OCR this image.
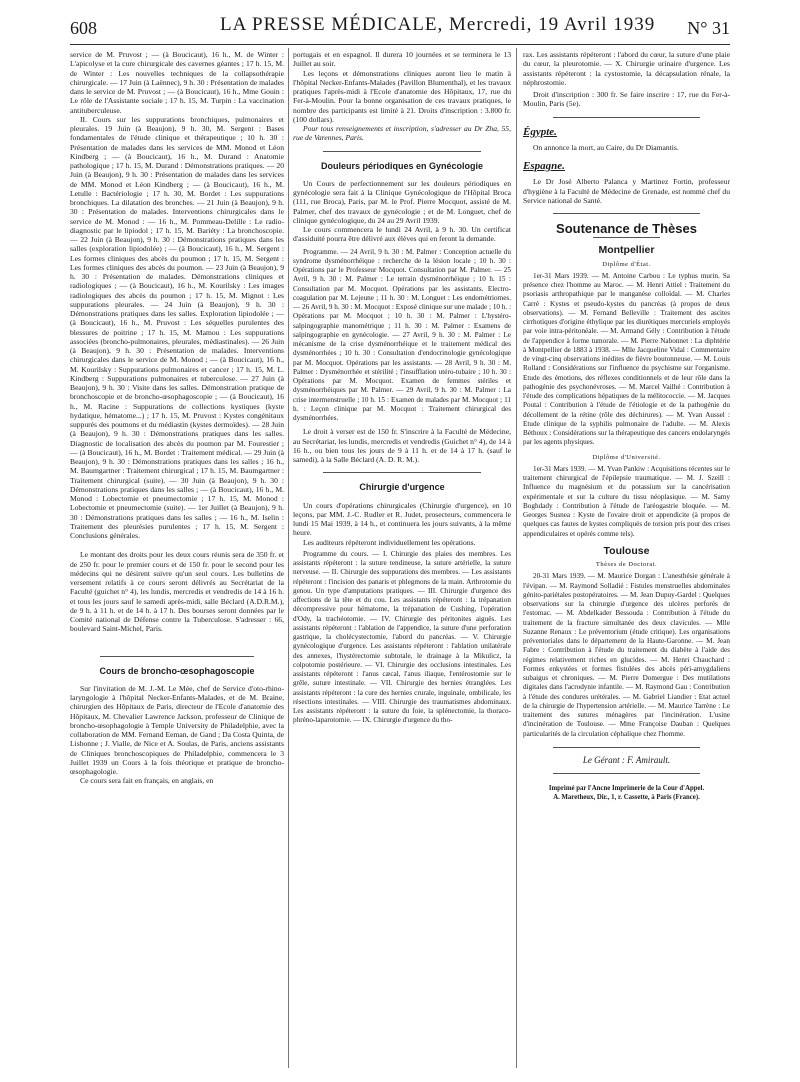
608	LA PRESSE MÉDICALE, Mercredi, 19 Avril 1939 N° 31

service de M. Pruvost ; — (à Boucicaut), 16 h., M. de Winter : L'apicolyse et la cure chirurgicale des cavernes géantes ; 17 h. 15, M. de Winter : Les nouvelles techniques de la collapsothérapie chirurgicale. — 17 Juin (à Laënnec), 9 h. 30 : Présentation de malades dans le service de M. Pruvost ; — (à Boucicaut), 16 h., Mme Gouin : Le rôle de l'Assistante sociale ; 17 h. 15, M. Turpin : La vaccination antituberculeuse.

II. Cours sur les suppurations bronchiques, pulmonaires et pleurales. 19 Juin (à Beaujon), 9 h. 30, M. Sergent : Bases fondamentales de l'étude clinique et thérapeutique ; 10 h. 30 : Présentation de malades dans les services de MM. Monod et Léon Kindberg ; — (à Boucicaut), 16 h., M. Durand : Anatomie pathologique ; 17 h. 15, M. Durand : Démonstrations pratiques. — 20 Juin (à Beaujon), 9 h. 30 : Présentation de malades dans les services de MM. Monod et Léon Kindberg ; — (à Boucicaut), 16 h., M. Letulle : Bactériologie ; 17 h. 30, M. Bordet : Les suppurations bronchiques. La dilatation des bronches. — 21 Juin (à Beaujon), 9 h. 30 : Présentation de malades. Interventions chirurgicales dans le service de M. Monod : — 16 h., M. Pommeau-Delille : Le radio-diagnostic par le lipiodol ; 17 h. 15, M. Bariéty : La bronchoscopie. — 22 Juin (à Beaujon), 9 h. 30 : Démonstrations pratiques dans les salles (exploration lipiodolée) ; — (à Boucicaut), 16 h., M. Sergent : Les formes cliniques des abcès du poumon ; 17 h. 15, M. Sergent : Les formes cliniques des abcès du poumon. — 23 Juin (à Beaujon), 9 h. 30 : Présentation de malades. Démonstrations cliniques et radiologiques ; — (à Boucicaut), 16 h., M. Kourilsky : Les images radiologiques des abcès du poumon ; 17 h. 15, M. Mignot : Les suppurations pleurales. — 24 Juin (à Beaujon), 9 h. 30 : Démonstrations pratiques dans les salles. Exploration lipiodolée ; — (à Boucicaut), 16 h., M. Pruvost : Les séquelles purulentes des blessures de poitrine ; 17 h. 15, M. Mamou : Les suppurations associées (broncho-pulmonaires, pleurales, médiastinales). — 26 Juin (à Beaujon), 9 h. 30 : Présentation de malades. Interventions chirurgicales dans le service de M. Monod ; — (à Boucicaut), 16 h., M. Kourilsky : Suppurations pulmonaires et cancer ; 17 h. 15, M. L. Kindberg : Suppurations pulmonaires et tuberculose. — 27 Juin (à Beaujon), 9 h. 30 : Visite dans les salles. Démonstration pratique de bronchoscopie et de broncho-œsophagoscopie ; — (à Boucicaut), 16 h., M. Racine : Suppurations de collections kystiques (kyste hydatique, hématome...) ; 17 h. 15, M. Pruvost : Kystes congénitaux suppurés des poumons et du médiastin (kystes dermoïdes). — 28 Juin (à Beaujon), 9 h. 30 : Démonstrations pratiques dans les salles. Diagnostic de localisation des abcès du poumon par M. Fourestier ; — (à Boucicaut), 16 h., M. Bordet : Traitement médical. — 29 Juin (à Beaujon), 9 h. 30 : Démonstrations pratiques dans les salles ; 16 h., M. Baumgartner : Traitement chirurgical ; 17 h. 15, M. Baumgartner : Traitement chirurgical (suite). — 30 Juin (à Beaujon), 9 h. 30 : Démonstrations pratiques dans les salles ; — (à Boucicaut), 16 h., M. Monod : Lobectomie et pneumectomie ; 17 h. 15, M. Monod : Lobectomie et pneumectomie (suite). — 1er Juillet (à Beaujon), 9 h. 30 : Démonstrations pratiques dans les salles ; — 16 h., M. Iselin : Traitement des pleurésies purulentes ; 17 h. 15, M. Sergent : Conclusions générales.

Le montant des droits pour les deux cours réunis sera de 350 fr. et de 250 fr. pour le premier cours et de 150 fr. pour le second pour les médecins qui ne désirent suivre qu'un seul cours. Les bulletins de versement relatifs à ce cours seront délivrés au Secrétariat de la Faculté (guichet n° 4), les lundis, mercredis et vendredis de 14 à 16 h. et tous les jours sauf le samedi après-midi, salle Béclard (A.D.R.M.), de 9 h. à 11 h. et de 14 h. à 17 h. Des bourses seront données par le Comité national de Défense contre la Tuberculose. S'adresser : 66, boulevard Saint-Michel, Paris.

Cours de broncho-œsophagoscopie

Sur l'invitation de M. J.-M. Le Mée, chef de Service d'oto-rhino-laryngologie à l'hôpital Necker-Enfants-Malades, et de M. Braine, chirurgien des Hôpitaux de Paris, directeur de l'Ecole d'anatomie des Hôpitaux, M. Chevalier Lawrence Jackson, professeur de Clinique de broncho-œsophagologie à Temple University de Philadelphie, avec la collaboration de MM. Fernand Eeman, de Gand ; Da Costa Quinta, de Lisbonne ; J. Vialle, de Nice et A. Soulas, de Paris, anciens assistants de Cliniques bronchoscopiques de Philadelphie, commencera le 3 Juillet 1939 un Cours à la fois théorique et pratique de broncho-œsophagologie.

Ce cours sera fait en français, en anglais, en

portugais et en espagnol. Il durera 10 journées et se terminera le 13 Juillet au soir.

Les leçons et démonstrations cliniques auront lieu le matin à l'hôpital Necker-Enfants-Malades (Pavillon Blumenthal), et les travaux pratiques l'après-midi à l'Ecole d'anatomie des Hôpitaux, 17, rue du Fer-à-Moulin. Pour la bonne organisation de ces travaux pratiques, le nombre des participants est limité à 21. Droits d'inscription : 3.800 fr. (100 dollars).

Pour tous renseignements et inscription, s'adresser au Dr Zha, 55, rue de Varennes, Paris.

Douleurs périodiques en Gynécologie

Un Cours de perfectionnement sur les douleurs périodiques en gynécologie sera fait à la Clinique Gynécologique de l'Hôpital Broca (111, rue Broca), Paris, par M. le Prof. Pierre Mocquot, assisté de M. Palmer, chef des travaux de gynécologie ; et de M. Longuet, chef de clinique gynécologique, du 24 au 29 Avril 1939.

Le cours commencera le lundi 24 Avril, à 9 h. 30. Un certificat d'assiduité pourra être délivré aux élèves qui en feront la demande.

Programme. — 24 Avril, 9 h. 30 : M. Palmer : Conception actuelle du syndrome dysménorrhéique : recherche de la lésion locale ; 10 h. 30 : Opérations par le Professeur Mocquot. Consultation par M. Palmer. — 25 Avril, 9 h. 30 : M. Palmer : Le terrain dysménorrhéique ; 10 h. 15 : Consultation par M. Mocquot. Opérations par les assistants. Electro-coagulation par M. Lejeune ; 11 h. 30 : M. Longuet : Les endométriomes. — 26 Avril, 9 h. 30 : M. Mocquot : Exposé clinique sur une malade ; 10 h. : Opérations par M. Mocquot ; 10 h. 30 : M. Palmer : L'hystéro-salpingographie manométrique ; 11 h. 30 : M. Palmer : Examens de salpingographie en gynécologie. — 27 Avril, 9 h. 30 : M. Palmer : Le mécanisme de la crise dysménorrhéique et le traitement médical des dysménorrhées ; 10 h. 30 : Consultation d'endocrinologie gynécologique par M. Mocquot. Opérations par les assistants. — 28 Avril, 9 h. 30 : M. Palmer : Dysménorrhée et stérilité ; l'insufflation utéro-tubaire ; 10 h. 30 : Opérations par M. Mocquot. Examen de femmes stériles et dysménorrhéiques par M. Palmer. — 29 Avril, 9 h. 30 : M. Palmer : La crise intermenstruelle ; 10 h. 15 : Examen de malades par M. Mocquot ; 11 h. : Leçon clinique par M. Mocquot : Traitement chirurgical des dysménorrhées.

Le droit à verser est de 150 fr. S'inscrire à la Faculté de Médecine, au Secrétariat, les lundis, mercredis et vendredis (Guichet n° 4), de 14 à 16 h., ou bien tous les jours de 9 à 11 h. et de 14 à 17 h. (sauf le samedi), à la Salle Béclard (A. D. R. M.).

Chirurgie d'urgence

Un cours d'opérations chirurgicales (Chirurgie d'urgence), en 10 leçons, par MM. J.-C. Rudler et R. Judet, prosecteurs, commencera le lundi 15 Mai 1939, à 14 h., et continuera les jours suivants, à la même heure.

Les auditeurs répéteront individuellement les opérations.

Programme du cours. — I. Chirurgie des plaies des membres. Les assistants répéteront : la suture tendineuse, la suture artérielle, la suture nerveuse. — II. Chirurgie des suppurations des membres. — Les assistants répéteront : l'incision des panaris et phlegmons de la main. Arthrotomie du genou. Un type d'amputations pratiques. — III. Chirurgie d'urgence des affections de la tête et du cou. Les assistants répéteront : la trépanation décompressive pour hématome, la trépanation de Cushing, l'opération d'Ody, la trachéotomie. — IV. Chirurgie des péritonites aiguës. Les assistants répéteront : l'ablation de l'appendice, la suture d'une perforation gastrique, la cholécystectomie, l'abord du pancréas. — V. Chirurgie gynécologique d'urgence. Les assistants répéteront : l'ablation unilatérale des annexes, l'hystérectomie subtotale, le drainage à la Mikulicz, la colpotomie postérieure. — VI. Chirurgie des occlusions intestinales. Les assistants répéteront : l'anus cæcal, l'anus iliaque, l'entérostomie sur le grêle, suture intestinale. — VII. Chirurgie des hernies étranglées. Les assistants répéteront : la cure des hernies crurale, inguinale, ombilicale, les résections intestinales. — VIII. Chirurgie des traumatismes abdominaux. Les assistants répéteront : la suture du foie, la splénectomie, la thoraco-phréno-laparotomie. — IX. Chirurgie d'urgence du tho-

rax. Les assistants répéteront : l'abord du cœur, la suture d'une plaie du cœur, la pleurotomie. — X. Chirurgie urinaire d'urgence. Les assistants répéteront : la cystostomie, la décapsulation rénale, la néphrostomie.

Droit d'inscription : 300 fr. Se faire inscrire : 17, rue du Fer-à-Moulin, Paris (5e).

Égypte.

On annonce la mort, au Caire, du Dr Diamantis.

Espagne.

Le Dr José Alberto Palanca y Martinez Fortin, professeur d'hygiène à la Faculté de Médecine de Grenade, est nommé chef du Service national de Santé.

Soutenance de Thèses
Montpellier
Diplôme d'État.

1er-31 Mars 1939. — M. Antoine Carbou : Le typhus murin. Sa présence chez l'homme au Maroc. — M. Henri Attiel : Traitement du psoriasis arthropathique par le manganèse colloïdal. — M. Charles Carré : Kystes et pseudo-kystes du pancréas (à propos de deux observations). — M. Fernand Belleville : Traitement des ascites cirrhotiques d'origine éthylique par les diurétiques mercuriels employés par voie intra-péritonéale. — M. Armand Gély : Contribution à l'étude de l'appendice à forme tumorale. — M. Pierre Nabonnet : La diphtérie à Montpellier de 1883 à 1938. — Mlle Jacqueline Vidal : Commentaire de vingt-cinq observations inédites de fièvre boutonneuse. — M. Louis Rolland : Considérations sur l'influence du psychisme sur l'organisme. Etude des émotions, des réflexes conditionnels et de leur rôle dans la pathogénie des psychonévroses. — M. Marcel Vailhé : Contribution à l'étude des complications hépatiques de la mélitococcie. — M. Jacques Poutal : Contribution à l'étude de l'étiologie et de la pathogénie du décollement de la rétine (rôle des déchirures). — M. Yvan Aussel : Etude clinique de la syphilis pulmonaire de l'adulte. — M. Alexis Béthoux : Considérations sur la thérapeutique des cancers endolaryngés par les agents physiques.

Diplôme d'Université.

1er-31 Mars 1939. — M. Yvan Pankiw : Acquisitions récentes sur le traitement chirurgical de l'épilepsie traumatique. — M. J. Szeill : Influence du magnésium et du potassium sur la cancérisation expérimentale et sur la culture du tissu néoplasique. — M. Samy Boghdady : Contribution à l'étude de l'aréogastrie bloquée. — M. Georges Susnea : Kyste de l'ovaire droit et appendicite (à propos de quelques cas fautes de kystes compliqués de torsion pris pour des crises appendiculaires et opérés comme tels).

Toulouse
Thèses de Doctorat.

20-31 Mars 1939. — M. Maurice Dorgan : L'anesthésie générale à l'évipan. — M. Raymond Solladié : Fistules menstruelles abdominales génito-pariétales postopératoires. — M. Jean Dupuy-Gardel : Quelques observations sur la chirurgie d'urgence des ulcères perforés de l'estomac. — M. Abdelkader Bessouda : Contribution à l'étude du traitement de la fracture simultanée des deux clavicules. — Mlle Suzanne Renaux : Le préventorium (étude critique). Les organisations préventoriales dans le département de la Haute-Garonne. — M. Jean Fabre : Contribution à l'étude du traitement du diabète à l'aide des régimes relativement riches en glucides. — M. Henri Chauchard : Formes enkystées et formes fistulées des abcès péri-amygdaliens subaigus et chroniques. — M. Pierre Domergue : Des mutilations digitales dans l'acrodynie infantile. — M. Raymond Gau : Contribution à l'étude des condures urétérales. — M. Gabriel Liandier : Etat actuel de la chirurgie de l'hypertension artérielle. — M. Maurice Tarrène : Le traitement des sutures ménagères par l'incinération. L'usine d'incinération de Toulouse. — Mme Françoise Dauban : Quelques particularités de la circulation céphalique chez l'homme.

Le Gérant : F. Amirault.
Imprimé par l'Ancne Imprimerie de la Cour d'Appel.
A. Maretheux, Dir., 1, r. Cassette, à Paris (France).
